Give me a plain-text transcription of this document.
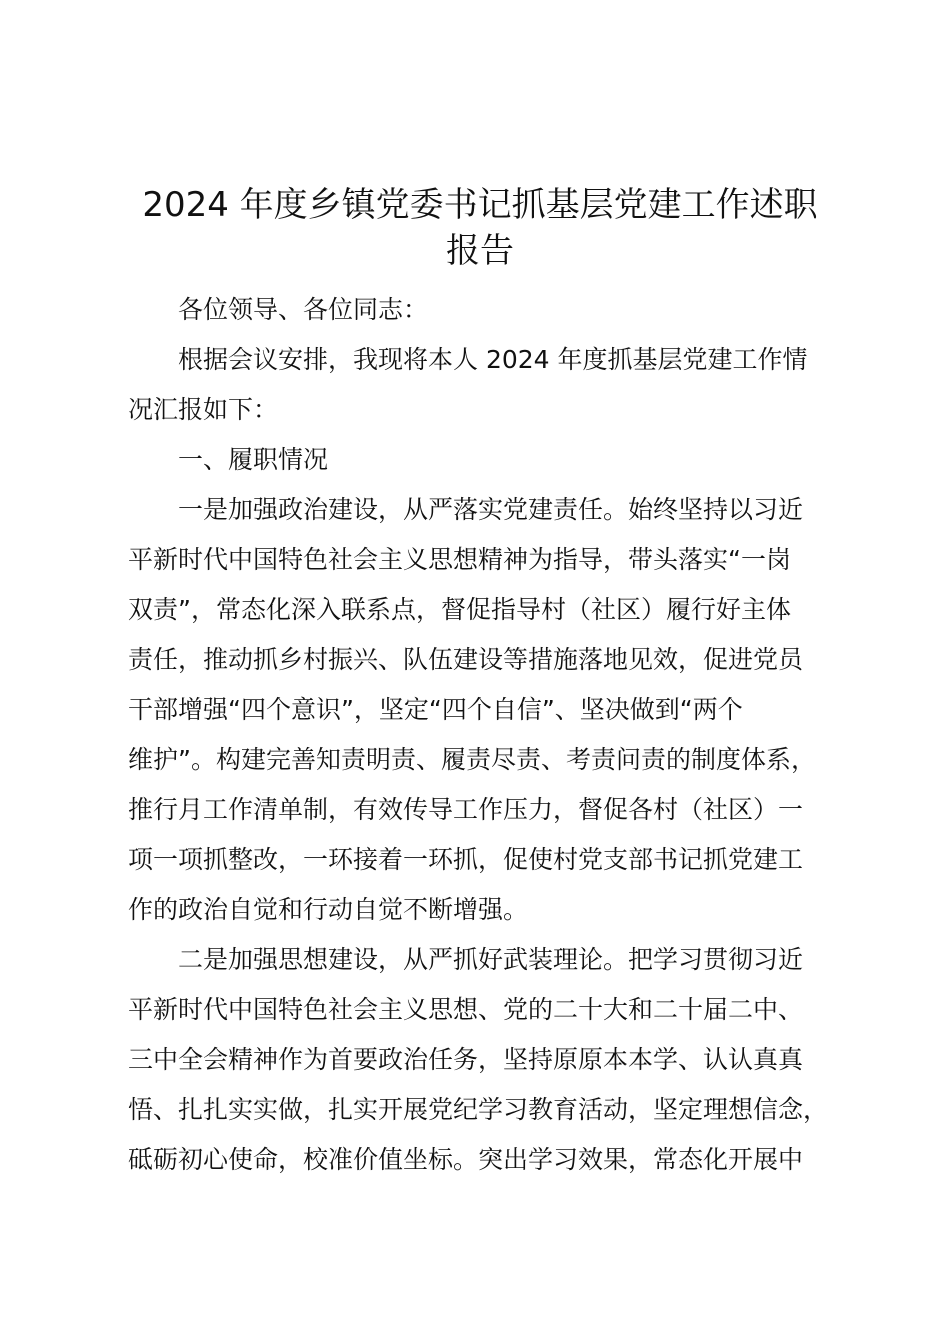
2024 年度乡镇党委书记抓基层党建工作述职
报告

各位领导、各位同志：

根据会议安排，我现将本人 2024 年度抓基层党建工作情

况汇报如下：

一、履职情况

一是加强政治建设，从严落实党建责任。始终坚持以习近

平新时代中国特色社会主义思想精神为指导，带头落实“一岗

双责”，常态化深入联系点，督促指导村（社区）履行好主体

责任，推动抓乡村振兴、队伍建设等措施落地见效，促进党员

干部增强“四个意识”，坚定“四个自信”、坚决做到“两个

维护”。构建完善知责明责、履责尽责、考责问责的制度体系，

推行月工作清单制，有效传导工作压力，督促各村（社区）一

项一项抓整改，一环接着一环抓，促使村党支部书记抓党建工

作的政治自觉和行动自觉不断增强。

二是加强思想建设，从严抓好武装理论。把学习贯彻习近

平新时代中国特色社会主义思想、党的二十大和二十届二中、

三中全会精神作为首要政治任务，坚持原原本本学、认认真真

悟、扎扎实实做，扎实开展党纪学习教育活动，坚定理想信念，

砥砺初心使命，校准价值坐标。突出学习效果，常态化开展中
